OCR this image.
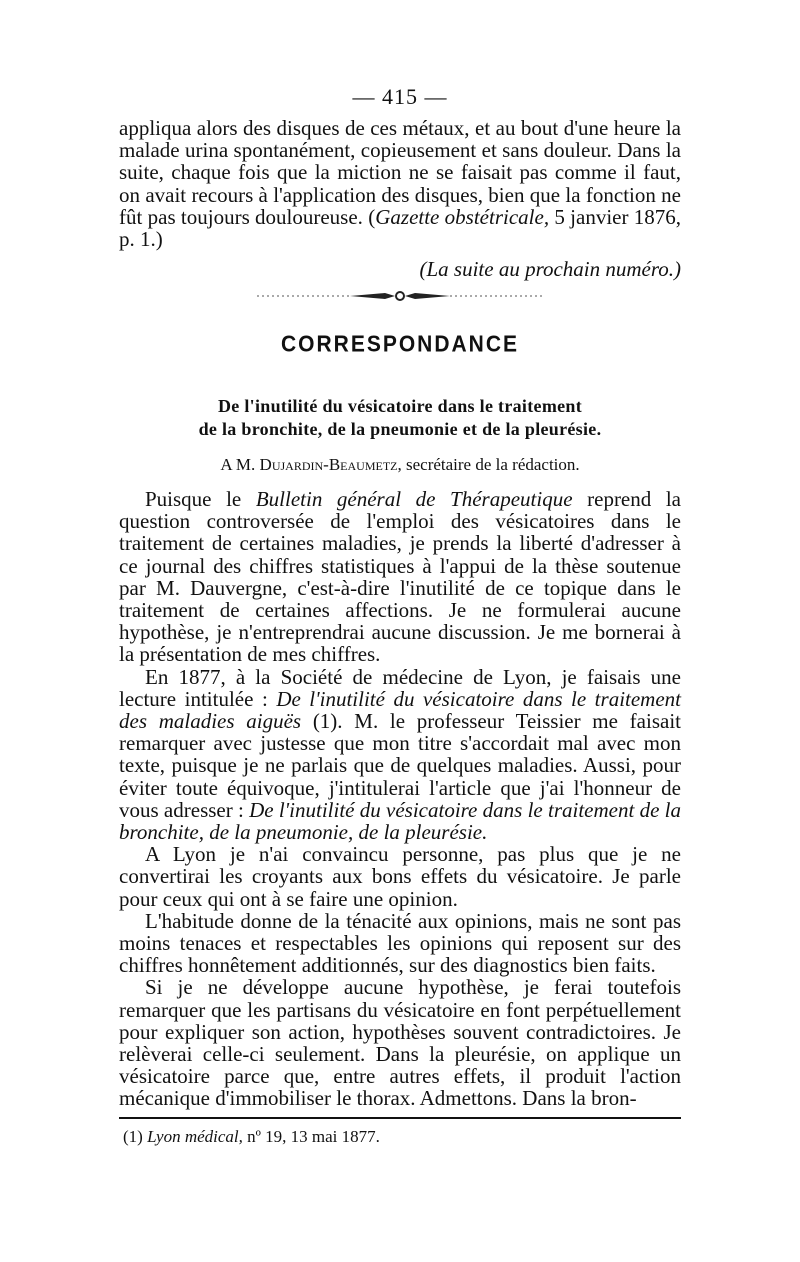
— 415 —

appliqua alors des disques de ces métaux, et au bout d'une heure la malade urina spontanément, copieusement et sans douleur. Dans la suite, chaque fois que la miction ne se faisait pas comme il faut, on avait recours à l'application des disques, bien que la fonction ne fût pas toujours douloureuse. (Gazette obstétricale, 5 janvier 1876, p. 1.)

(La suite au prochain numéro.)
CORRESPONDANCE
De l'inutilité du vésicatoire dans le traitement
de la bronchite, de la pneumonie et de la pleurésie.
A M. Dujardin-Beaumetz, secrétaire de la rédaction.

Puisque le Bulletin général de Thérapeutique reprend la question controversée de l'emploi des vésicatoires dans le traitement de certaines maladies, je prends la liberté d'adresser à ce journal des chiffres statistiques à l'appui de la thèse soutenue par M. Dauvergne, c'est-à-dire l'inutilité de ce topique dans le traitement de certaines affections. Je ne formulerai aucune hypothèse, je n'entreprendrai aucune discussion. Je me bornerai à la présentation de mes chiffres.

En 1877, à la Société de médecine de Lyon, je faisais une lecture intitulée : De l'inutilité du vésicatoire dans le traitement des maladies aiguës (1). M. le professeur Teissier me faisait remarquer avec justesse que mon titre s'accordait mal avec mon texte, puisque je ne parlais que de quelques maladies. Aussi, pour éviter toute équivoque, j'intitulerai l'article que j'ai l'honneur de vous adresser : De l'inutilité du vésicatoire dans le traitement de la bronchite, de la pneumonie, de la pleurésie.

A Lyon je n'ai convaincu personne, pas plus que je ne convertirai les croyants aux bons effets du vésicatoire. Je parle pour ceux qui ont à se faire une opinion.

L'habitude donne de la ténacité aux opinions, mais ne sont pas moins tenaces et respectables les opinions qui reposent sur des chiffres honnêtement additionnés, sur des diagnostics bien faits.

Si je ne développe aucune hypothèse, je ferai toutefois remarquer que les partisans du vésicatoire en font perpétuellement pour expliquer son action, hypothèses souvent contradictoires. Je relèverai celle-ci seulement. Dans la pleurésie, on applique un vésicatoire parce que, entre autres effets, il produit l'action mécanique d'immobiliser le thorax. Admettons. Dans la bron-

(1) Lyon médical, nº 19, 13 mai 1877.
